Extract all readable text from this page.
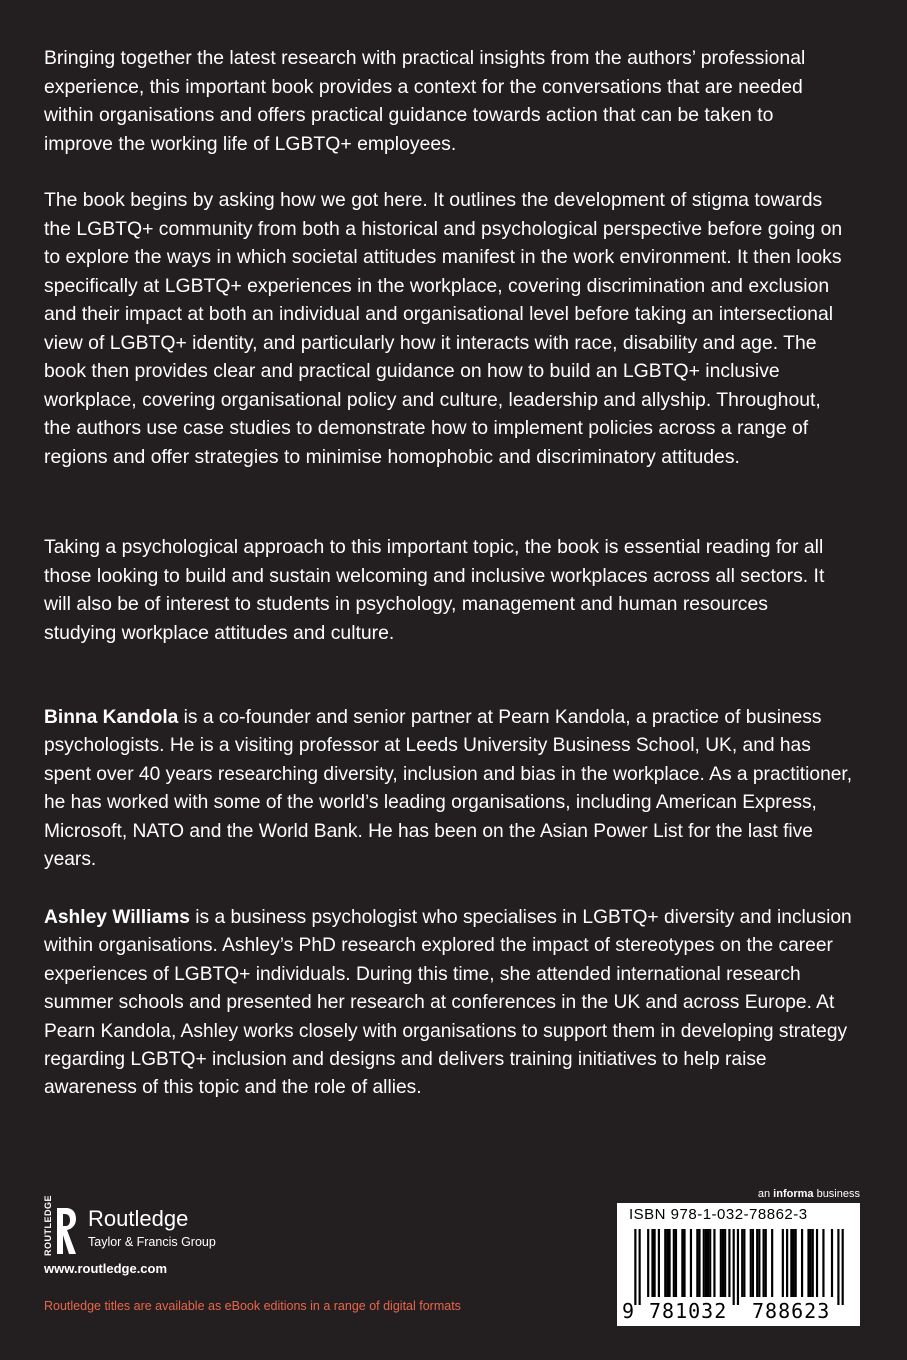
Bringing together the latest research with practical insights from the authors’ professional experience, this important book provides a context for the conversations that are needed within organisations and offers practical guidance towards action that can be taken to improve the working life of LGBTQ+ employees.

The book begins by asking how we got here. It outlines the development of stigma towards the LGBTQ+ community from both a historical and psychological perspective before going on to explore the ways in which societal attitudes manifest in the work environment. It then looks specifically at LGBTQ+ experiences in the workplace, covering discrimination and exclusion and their impact at both an individual and organisational level before taking an intersectional view of LGBTQ+ identity, and particularly how it interacts with race, disability and age. The book then provides clear and practical guidance on how to build an LGBTQ+ inclusive workplace, covering organisational policy and culture, leadership and allyship. Throughout, the authors use case studies to demonstrate how to implement policies across a range of regions and offer strategies to minimise homophobic and discriminatory attitudes.

Taking a psychological approach to this important topic, the book is essential reading for all those looking to build and sustain welcoming and inclusive workplaces across all sectors. It will also be of interest to students in psychology, management and human resources studying workplace attitudes and culture.

Binna Kandola is a co-founder and senior partner at Pearn Kandola, a practice of business psychologists. He is a visiting professor at Leeds University Business School, UK, and has spent over 40 years researching diversity, inclusion and bias in the workplace. As a practitioner, he has worked with some of the world’s leading organisations, including American Express, Microsoft, NATO and the World Bank. He has been on the Asian Power List for the last five years.

Ashley Williams is a business psychologist who specialises in LGBTQ+ diversity and inclusion within organisations. Ashley’s PhD research explored the impact of stereotypes on the career experiences of LGBTQ+ individuals. During this time, she attended international research summer schools and presented her research at conferences in the UK and across Europe. At Pearn Kandola, Ashley works closely with organisations to support them in developing strategy regarding LGBTQ+ inclusion and designs and delivers training initiatives to help raise awareness of this topic and the role of allies.

ROUTLEDGE Routledge
Taylor & Francis Group
www.routledge.com
Routledge titles are available as eBook editions in a range of digital formats
an informa business
ISBN 978-1-032-78862-3
9 781032 788623
